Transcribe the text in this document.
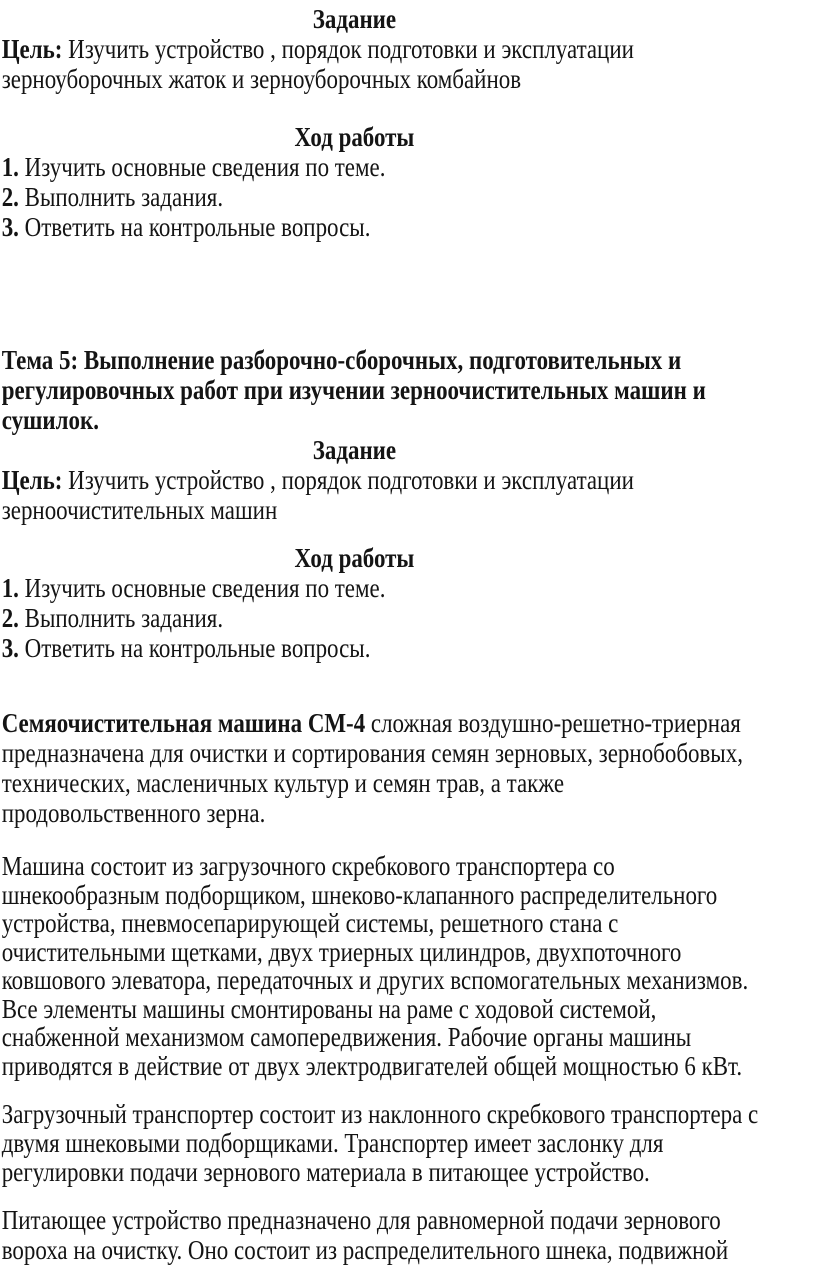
Задание
Цель: Изучить устройство , порядок подготовки и эксплуатации
зерноуборочных жаток и зерноуборочных комбайнов
Ход работы
1. Изучить основные сведения по теме.
2. Выполнить задания.
3. Ответить на контрольные вопросы.
Тема 5: Выполнение разборочно-сборочных, подготовительных и
регулировочных работ при изучении зерноочистительных машин и
сушилок.
Задание
Цель: Изучить устройство , порядок подготовки и эксплуатации
зерноочистительных машин
Ход работы
1. Изучить основные сведения по теме.
2. Выполнить задания.
3. Ответить на контрольные вопросы.
Семяочистительная машина СМ-4 сложная воздушно-решетно-триерная
предназначена для очистки и сортирования семян зерновых, зернобобовых,
технических, масленичных культур и семян трав, а также
продовольственного зерна.
Машина состоит из загрузочного скребкового транспортера со
шнекообразным подборщиком, шнеково-клапанного распределительного
устройства, пневмосепарирующей системы, решетного стана с
очистительными щетками, двух триерных цилиндров, двухпоточного
ковшового элеватора, передаточных и других вспомогательных механизмов.
Все элементы машины смонтированы на раме с ходовой системой,
снабженной механизмом самопередвижения. Рабочие органы машины
приводятся в действие от двух электродвигателей общей мощностью 6 кВт.
Загрузочный транспортер состоит из наклонного скребкового транспортера с
двумя шнековыми подборщиками. Транспортер имеет заслонку для
регулировки подачи зернового материала в питающее устройство.
Питающее устройство предназначено для равномерной подачи зернового
вороха на очистку. Оно состоит из распределительного шнека, подвижной
